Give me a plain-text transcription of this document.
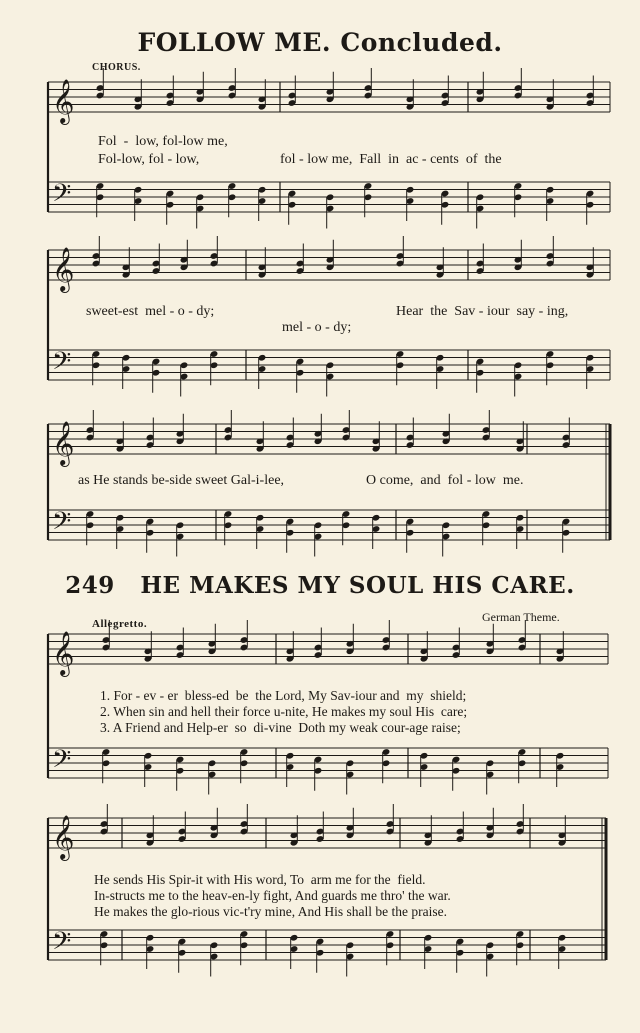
FOLLOW ME. Concluded.
CHORUS.
249 HE MAKES MY SOUL HIS CARE.
Allegretto.	German Theme.
Fol  -  low, fol-low me,
Fol-low, fol - low,	fol - low me,  Fall  in  ac - cents  of  the
sweet-est  mel - o - dy;
mel - o - dy;
Hear  the  Sav - iour  say - ing,
as He stands be-side sweet Gal-i-lee,	O come,  and  fol - low  me.
1. For - ev - er  bless-ed  be  the Lord, My Sav-iour and  my  shield;
2. When sin and hell their force u-nite, He makes my soul His  care;
3. A Friend and Help-er  so  di-vine  Doth my weak cour-age raise;
He sends His Spir-it with His word, To  arm me for the  field.
In-structs me to the heav-en-ly fight, And guards me thro' the war.
He makes the glo-rious vic-t'ry mine, And His shall be the praise.
𝄞
𝄢
𝄞
𝄢
𝄞
𝄢
𝄞
𝄢
𝄞
𝄢
